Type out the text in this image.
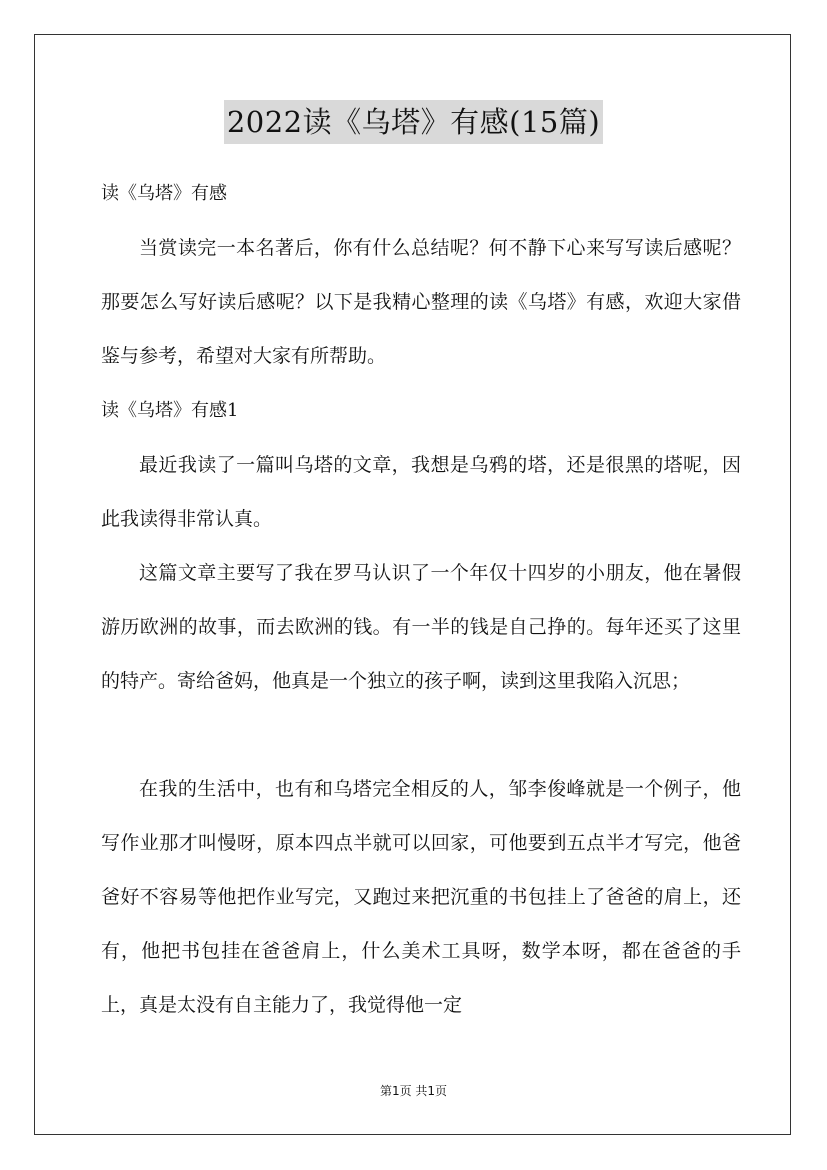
2022读《乌塔》有感(15篇)
读《乌塔》有感

当赏读完一本名著后，你有什么总结呢？何不静下心来写写读后感呢？那要怎么写好读后感呢？以下是我精心整理的读《乌塔》有感，欢迎大家借鉴与参考，希望对大家有所帮助。

读《乌塔》有感1

最近我读了一篇叫乌塔的文章，我想是乌鸦的塔，还是很黑的塔呢，因此我读得非常认真。

这篇文章主要写了我在罗马认识了一个年仅十四岁的小朋友，他在暑假游历欧洲的故事，而去欧洲的钱。有一半的钱是自己挣的。每年还买了这里的特产。寄给爸妈，他真是一个独立的孩子啊，读到这里我陷入沉思；

在我的生活中，也有和乌塔完全相反的人，邹李俊峰就是一个例子，他写作业那才叫慢呀，原本四点半就可以回家，可他要到五点半才写完，他爸爸好不容易等他把作业写完，又跑过来把沉重的书包挂上了爸爸的肩上，还有，他把书包挂在爸爸肩上，什么美术工具呀，数学本呀，都在爸爸的手上，真是太没有自主能力了，我觉得他一定

第1页 共1页
